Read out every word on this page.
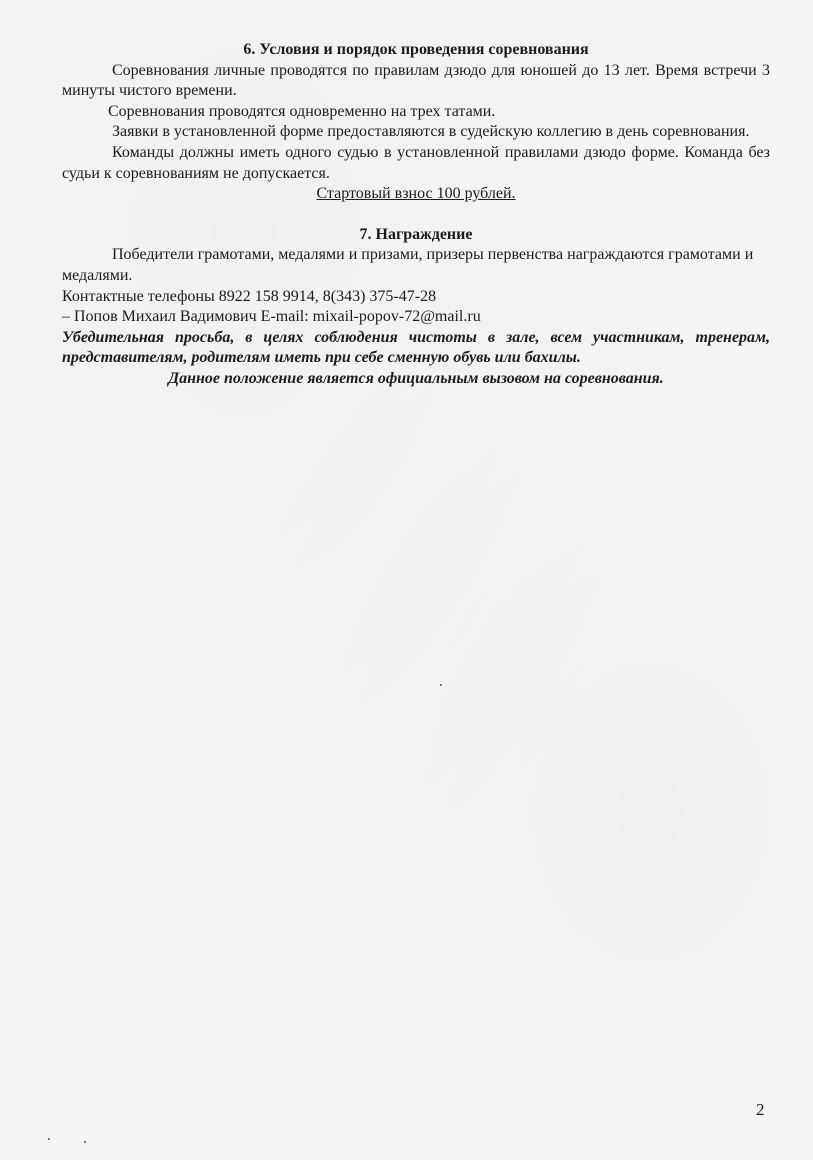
6. Условия и порядок проведения соревнования

Соревнования личные проводятся по правилам дзюдо для юношей до 13 лет. Время встречи 3 минуты чистого времени.

Соревнования проводятся одновременно на трех татами.

Заявки в установленной форме предоставляются в судейскую коллегию в день соревнования.

Команды должны иметь одного судью в установленной правилами дзюдо форме. Команда без судьи к соревнованиям не допускается.

Стартовый взнос 100 рублей.

7. Награждение

Победители грамотами, медалями и призами, призеры первенства награждаются грамотами и медалями.

Контактные телефоны 8922 158 9914, 8(343) 375-47-28

– Попов Михаил Вадимович E-mail: mixail-popov-72@mail.ru

Убедительная просьба, в целях соблюдения чистоты в зале, всем участникам, тренерам, представителям, родителям иметь при себе сменную обувь или бахилы.

Данное положение является официальным вызовом на соревнования.

2
